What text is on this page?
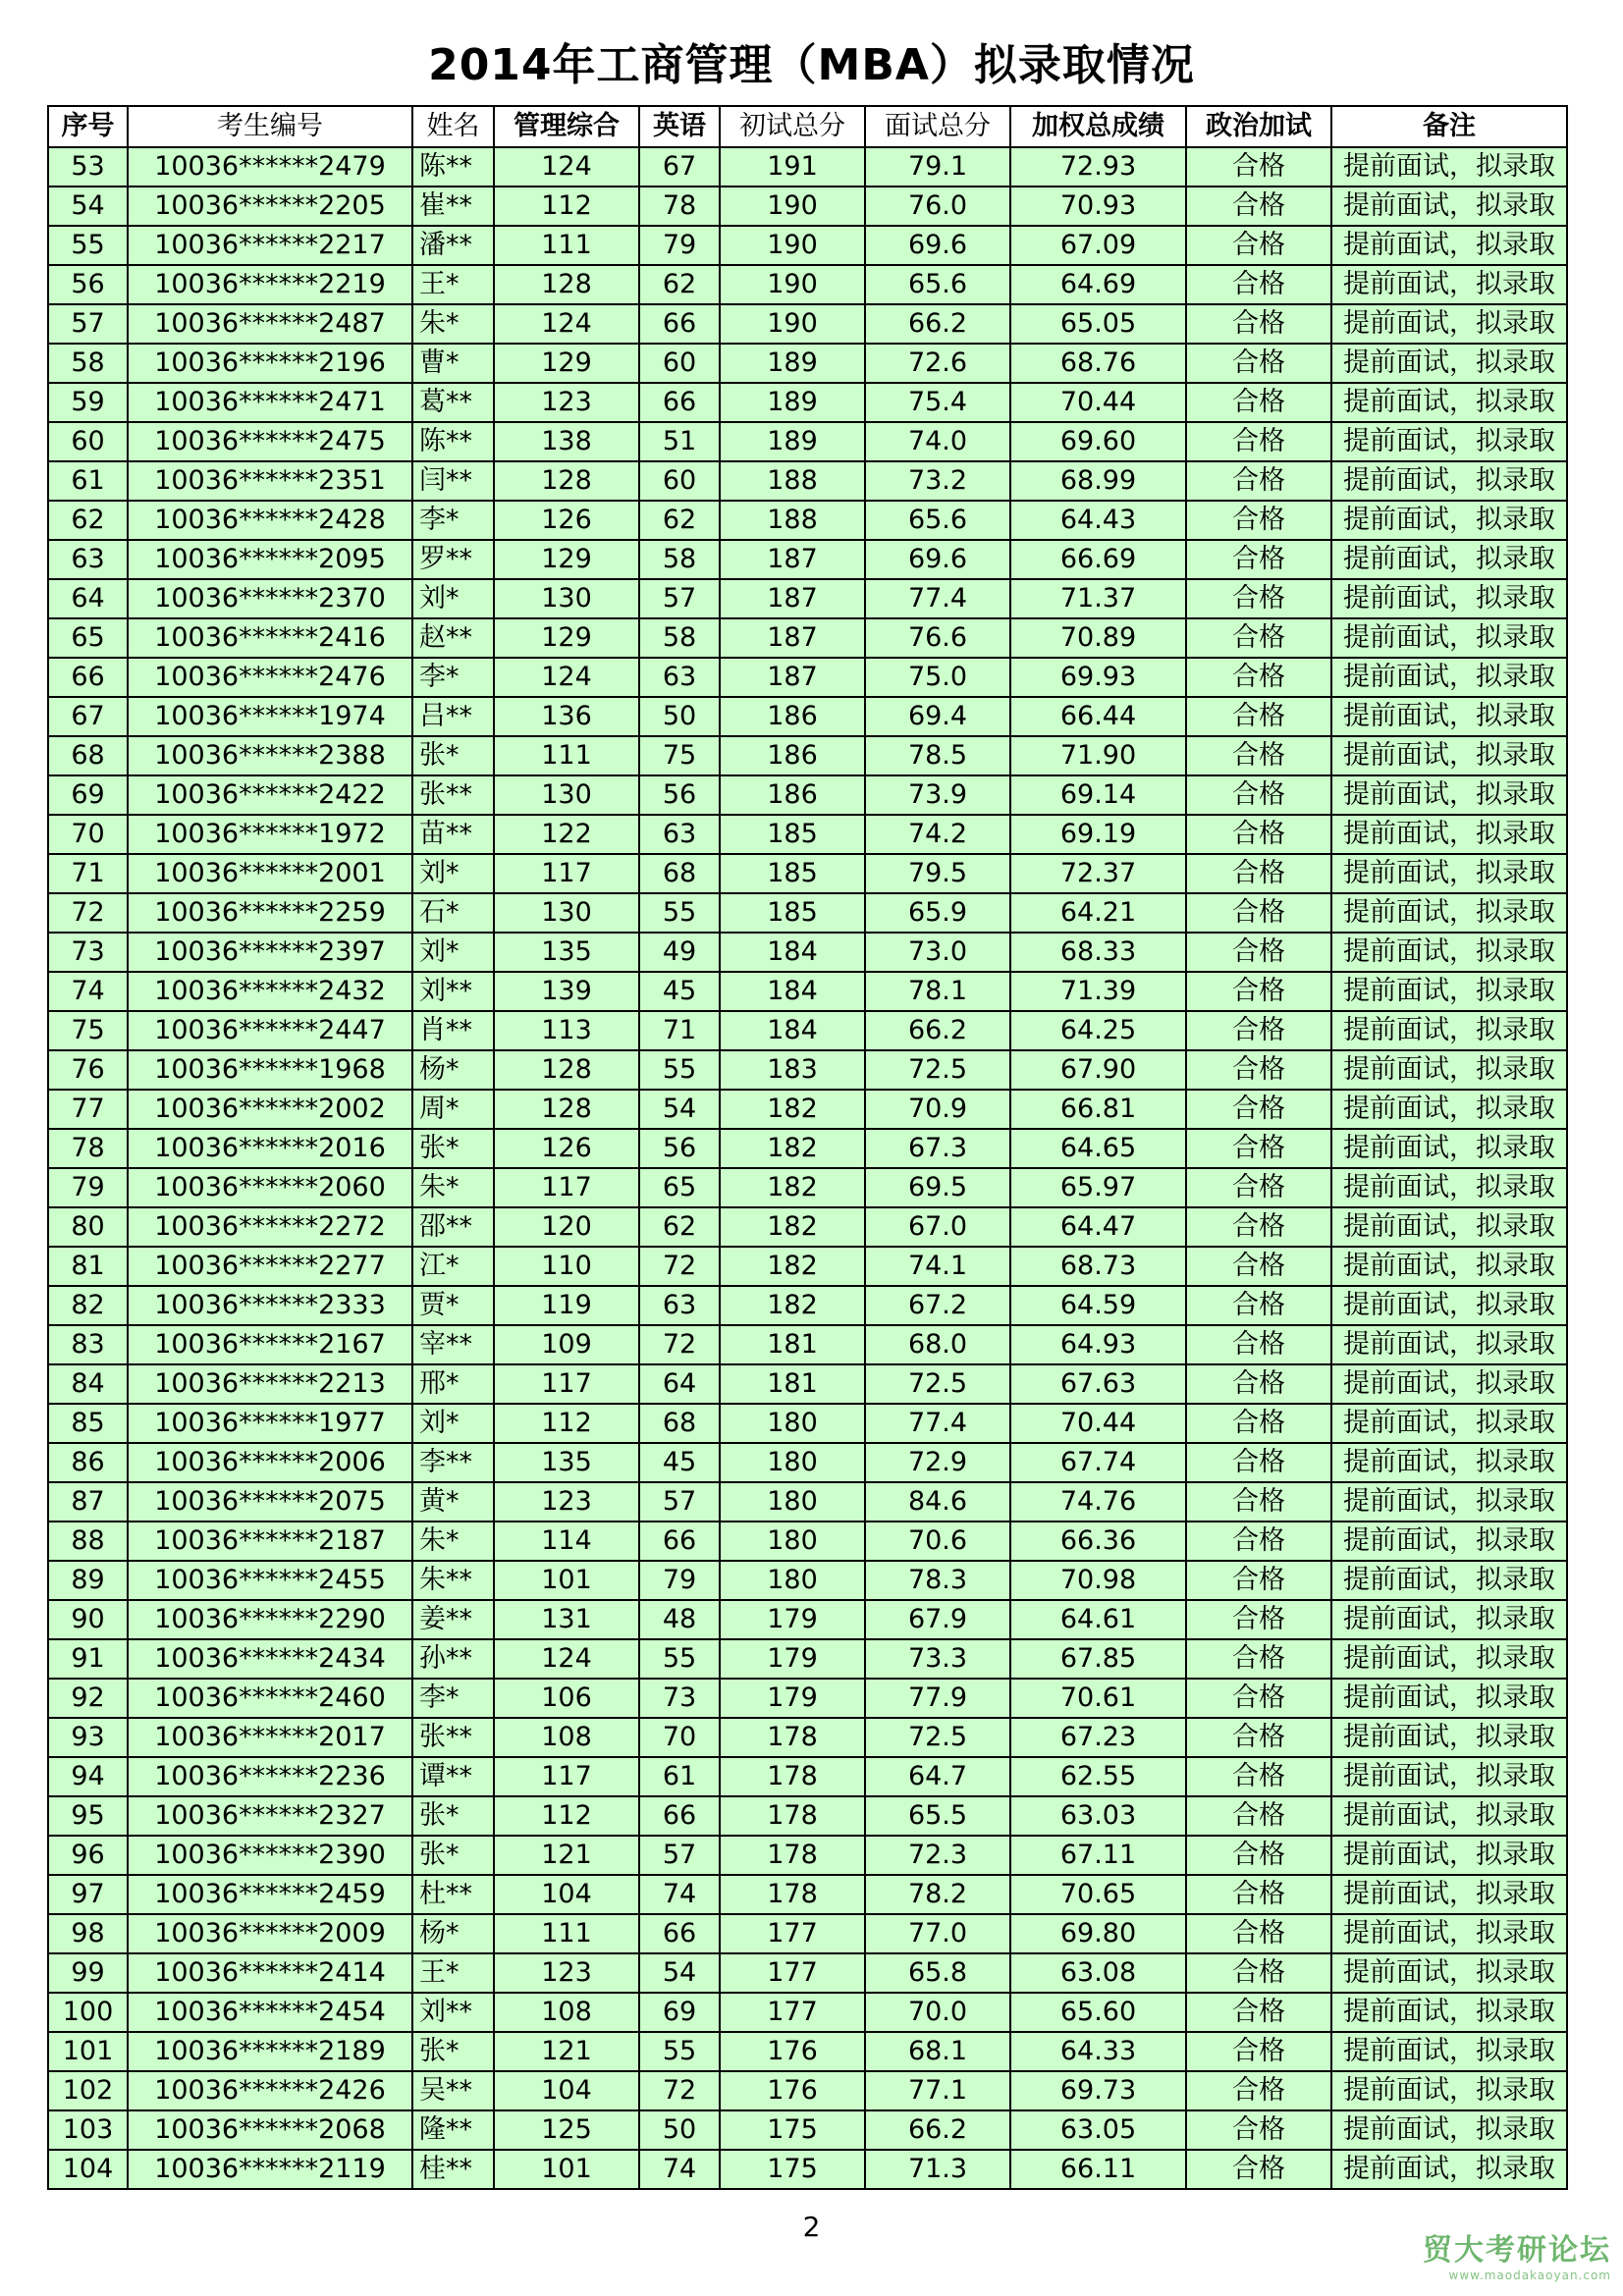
2014年工商管理（MBA）拟录取情况
序号	考生编号	姓名	管理综合	英语	初试总分	面试总分	加权总成绩	政治加试	备注
53	10036******2479	陈**	124	67	191	79.1	72.93	合格	提前面试，拟录取
54	10036******2205	崔**	112	78	190	76.0	70.93	合格	提前面试，拟录取
55	10036******2217	潘**	111	79	190	69.6	67.09	合格	提前面试，拟录取
56	10036******2219	王*	128	62	190	65.6	64.69	合格	提前面试，拟录取
57	10036******2487	朱*	124	66	190	66.2	65.05	合格	提前面试，拟录取
58	10036******2196	曹*	129	60	189	72.6	68.76	合格	提前面试，拟录取
59	10036******2471	葛**	123	66	189	75.4	70.44	合格	提前面试，拟录取
60	10036******2475	陈**	138	51	189	74.0	69.60	合格	提前面试，拟录取
61	10036******2351	闫**	128	60	188	73.2	68.99	合格	提前面试，拟录取
62	10036******2428	李*	126	62	188	65.6	64.43	合格	提前面试，拟录取
63	10036******2095	罗**	129	58	187	69.6	66.69	合格	提前面试，拟录取
64	10036******2370	刘*	130	57	187	77.4	71.37	合格	提前面试，拟录取
65	10036******2416	赵**	129	58	187	76.6	70.89	合格	提前面试，拟录取
66	10036******2476	李*	124	63	187	75.0	69.93	合格	提前面试，拟录取
67	10036******1974	吕**	136	50	186	69.4	66.44	合格	提前面试，拟录取
68	10036******2388	张*	111	75	186	78.5	71.90	合格	提前面试，拟录取
69	10036******2422	张**	130	56	186	73.9	69.14	合格	提前面试，拟录取
70	10036******1972	苗**	122	63	185	74.2	69.19	合格	提前面试，拟录取
71	10036******2001	刘*	117	68	185	79.5	72.37	合格	提前面试，拟录取
72	10036******2259	石*	130	55	185	65.9	64.21	合格	提前面试，拟录取
73	10036******2397	刘*	135	49	184	73.0	68.33	合格	提前面试，拟录取
74	10036******2432	刘**	139	45	184	78.1	71.39	合格	提前面试，拟录取
75	10036******2447	肖**	113	71	184	66.2	64.25	合格	提前面试，拟录取
76	10036******1968	杨*	128	55	183	72.5	67.90	合格	提前面试，拟录取
77	10036******2002	周*	128	54	182	70.9	66.81	合格	提前面试，拟录取
78	10036******2016	张*	126	56	182	67.3	64.65	合格	提前面试，拟录取
79	10036******2060	朱*	117	65	182	69.5	65.97	合格	提前面试，拟录取
80	10036******2272	邵**	120	62	182	67.0	64.47	合格	提前面试，拟录取
81	10036******2277	江*	110	72	182	74.1	68.73	合格	提前面试，拟录取
82	10036******2333	贾*	119	63	182	67.2	64.59	合格	提前面试，拟录取
83	10036******2167	宰**	109	72	181	68.0	64.93	合格	提前面试，拟录取
84	10036******2213	邢*	117	64	181	72.5	67.63	合格	提前面试，拟录取
85	10036******1977	刘*	112	68	180	77.4	70.44	合格	提前面试，拟录取
86	10036******2006	李**	135	45	180	72.9	67.74	合格	提前面试，拟录取
87	10036******2075	黄*	123	57	180	84.6	74.76	合格	提前面试，拟录取
88	10036******2187	朱*	114	66	180	70.6	66.36	合格	提前面试，拟录取
89	10036******2455	朱**	101	79	180	78.3	70.98	合格	提前面试，拟录取
90	10036******2290	姜**	131	48	179	67.9	64.61	合格	提前面试，拟录取
91	10036******2434	孙**	124	55	179	73.3	67.85	合格	提前面试，拟录取
92	10036******2460	李*	106	73	179	77.9	70.61	合格	提前面试，拟录取
93	10036******2017	张**	108	70	178	72.5	67.23	合格	提前面试，拟录取
94	10036******2236	谭**	117	61	178	64.7	62.55	合格	提前面试，拟录取
95	10036******2327	张*	112	66	178	65.5	63.03	合格	提前面试，拟录取
96	10036******2390	张*	121	57	178	72.3	67.11	合格	提前面试，拟录取
97	10036******2459	杜**	104	74	178	78.2	70.65	合格	提前面试，拟录取
98	10036******2009	杨*	111	66	177	77.0	69.80	合格	提前面试，拟录取
99	10036******2414	王*	123	54	177	65.8	63.08	合格	提前面试，拟录取
100	10036******2454	刘**	108	69	177	70.0	65.60	合格	提前面试，拟录取
101	10036******2189	张*	121	55	176	68.1	64.33	合格	提前面试，拟录取
102	10036******2426	吴**	104	72	176	77.1	69.73	合格	提前面试，拟录取
103	10036******2068	隆**	125	50	175	66.2	63.05	合格	提前面试，拟录取
104	10036******2119	桂**	101	74	175	71.3	66.11	合格	提前面试，拟录取
2
贸大考研论坛
www.maodakaoyan.com
